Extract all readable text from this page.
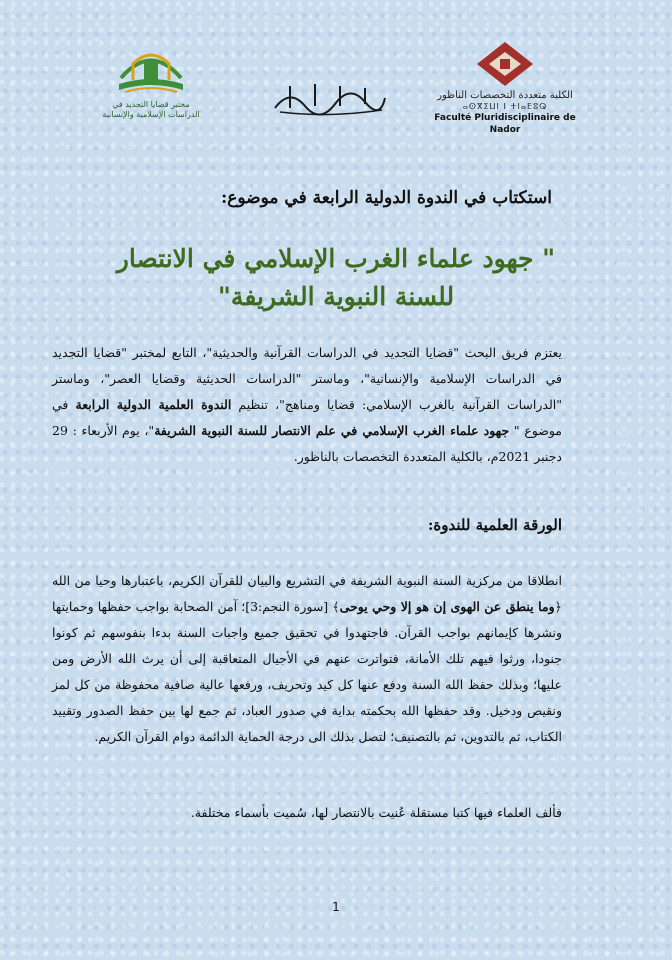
مختبر قضايا التجديد في الدراسات الإسلامية والإنسانية
الكلية متعددة التخصصات الناظور
ⴰⵙⴳⵉⵡⵏ ⵏ ⵜⵏⴰⴹⵓⵕ
Faculté Pluridisciplinaire de Nador
استكتاب في الندوة الدولية الرابعة في موضوع:
" جهود علماء الغرب الإسلامي في الانتصار
للسنة النبوية الشريفة"
يعتزم فريق البحث "قضايا التجديد في الدراسات القرآنية والحديثية"، التابع لمختبر "قضايا التجديد في الدراسات الإسلامية والإنسانية"، وماستر "الدراسات الحديثية وقضايا العصر"، وماستر "الدراسات القرآنية بالغرب الإسلامي: قضايا ومناهج"، تنظيم الندوة العلمية الدولية الرابعة في موضوع " جهود علماء الغرب الإسلامي في علم الانتصار للسنة النبوية الشريفة"، يوم الأربعاء : 29 دجنبر 2021م، بالكلية المتعددة التخصصات بالناظور.
الورقة العلمية للندوة:
انطلاقا من مركزية السنة النبوية الشريفة في التشريع والبيان للقرآن الكريم، باعتبارها وحيا من الله ﴿وما ينطق عن الهوى إن هو إلا وحي يوحى﴾ [سورة النجم:3]؛ آمن الصحابة بواجب حفظها وحمايتها ونشرها كإيمانهم بواجب القرآن. فاجتهدوا في تحقيق جميع واجبات السنة بدءا بنفوسهم ثم كونوا جنودا، ورثوا فيهم تلك الأمانة، فتواترت عنهم في الأجيال المتعاقبة إلى أن يرث الله الأرض ومن عليها؛ وبذلك حفظ الله السنة ودفع عنها كل كيد وتحريف، ورفعها عالية صافية محفوظة من كل لمز ونقيص ودخيل. وقد حفظها الله بحكمته بداية في صدور العباد، ثم جمع لها بين حفظ الصدور وتقييد الكتاب، ثم بالتدوين، ثم بالتصنيف؛ لتصل بذلك الى درجة الحماية الدائمة دوام القرآن الكريم.
فألف العلماء فيها كتبا مستقلة عُنيت بالانتصار لها، سُميت بأسماء مختلفة.
1
